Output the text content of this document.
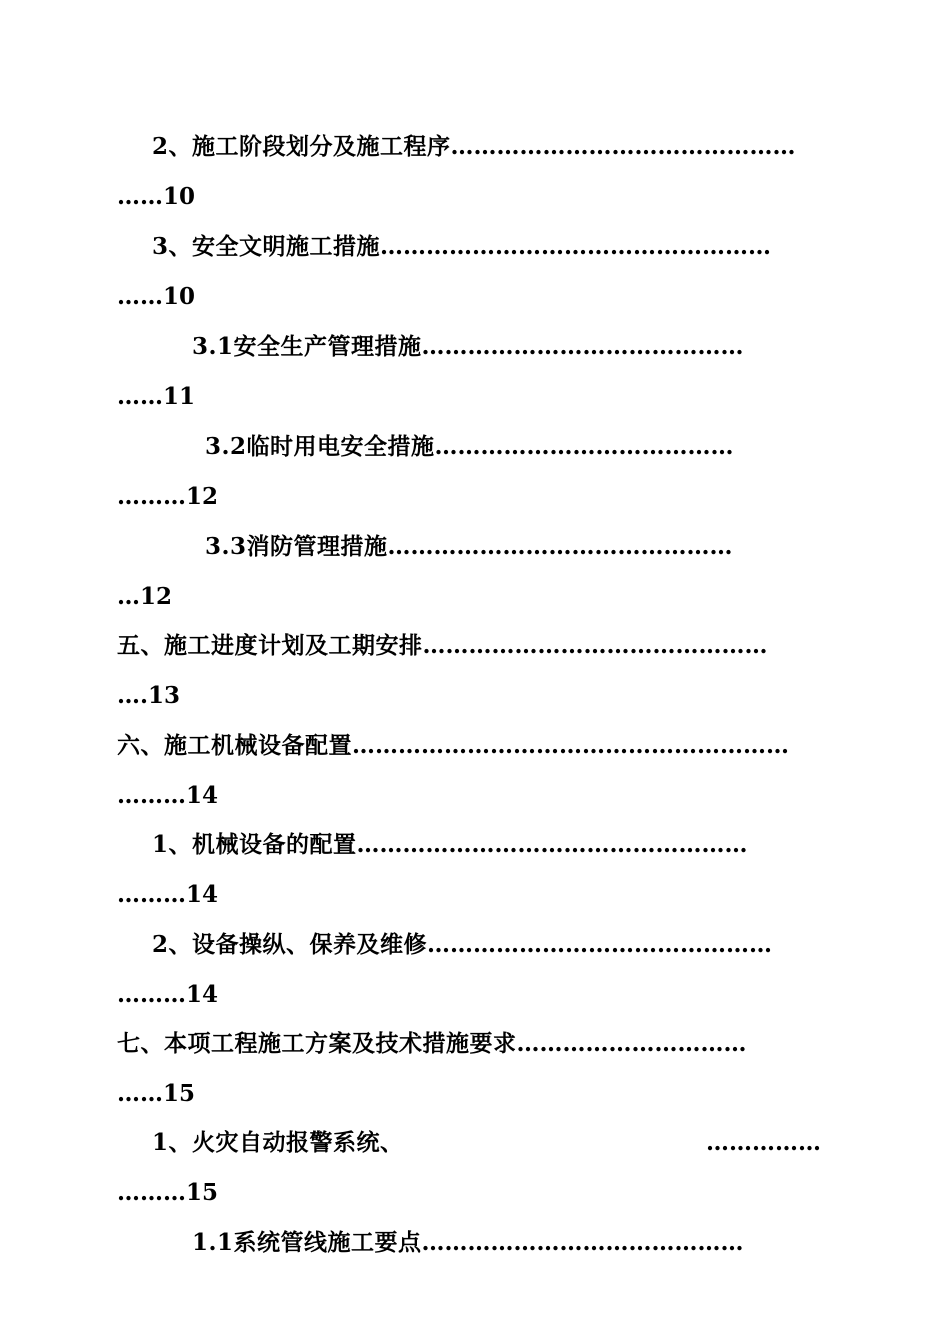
2、施工阶段划分及施工程序………………………………………
……10
3、安全文明施工措施……………………………………………
……10
3.1安全生产管理措施……………………………………
……11
3.2临时用电安全措施…………………………………
………12
3.3消防管理措施………………………………………
…12
五、施工进度计划及工期安排………………………………………
….13
六、施工机械设备配置…………………………………………………
………14
1、机械设备的配置……………………………………………
………14
2、设备操纵、保养及维修………………………………………
………14
七、本项工程施工方案及技术措施要求…………………………
……15
1、火灾自动报警系统、	……………
………15
1.1系统管线施工要点……………………………………
